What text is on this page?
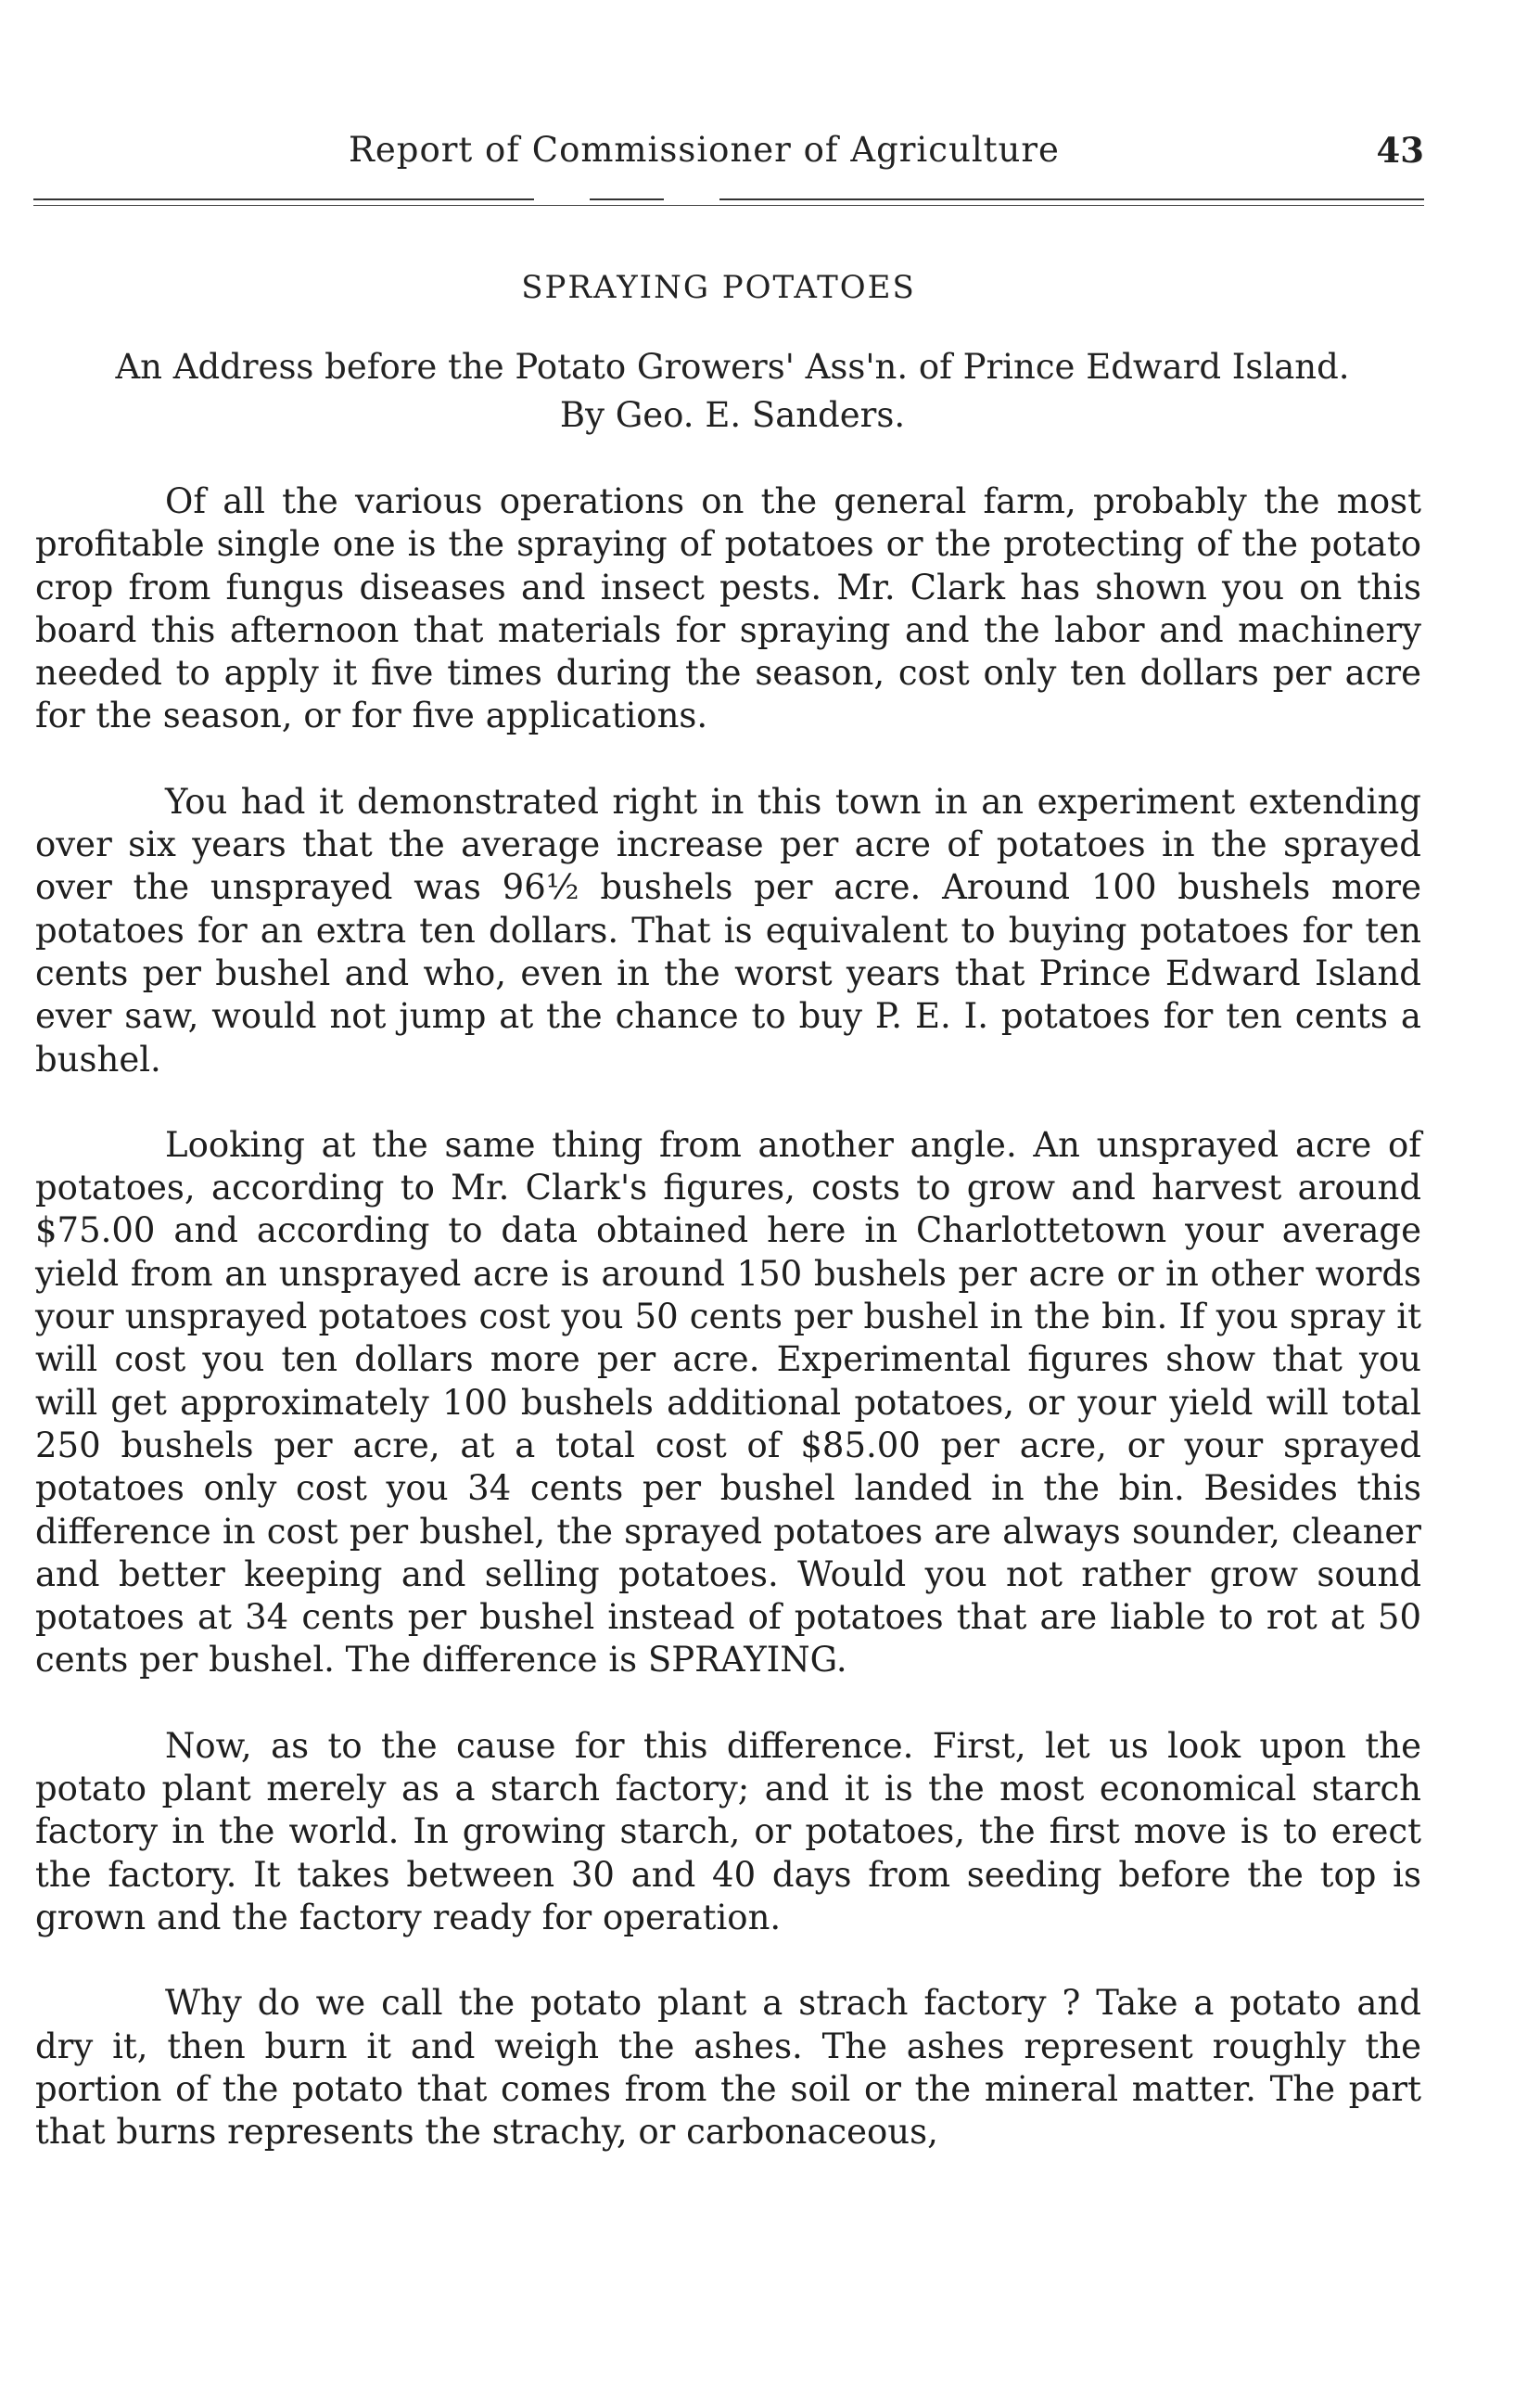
Report of Commissioner of Agriculture	43
SPRAYING POTATOES
An Address before the Potato Growers' Ass'n. of Prince Edward Island.
By Geo. E. Sanders.

Of all the various operations on the general farm, probably the most profitable single one is the spraying of potatoes or the protecting of the potato crop from fungus diseases and insect pests. Mr. Clark has shown you on this board this afternoon that materials for spraying and the labor and machinery needed to apply it five times during the season, cost only ten dollars per acre for the season, or for five applications.

You had it demonstrated right in this town in an experiment extending over six years that the average increase per acre of potatoes in the sprayed over the unsprayed was 96½ bushels per acre. Around 100 bushels more potatoes for an extra ten dollars. That is equivalent to buying potatoes for ten cents per bushel and who, even in the worst years that Prince Edward Island ever saw, would not jump at the chance to buy P. E. I. potatoes for ten cents a bushel.

Looking at the same thing from another angle. An unsprayed acre of potatoes, according to Mr. Clark's figures, costs to grow and harvest around $75.00 and according to data obtained here in Charlottetown your average yield from an unsprayed acre is around 150 bushels per acre or in other words your unsprayed potatoes cost you 50 cents per bushel in the bin. If you spray it will cost you ten dollars more per acre. Experimental figures show that you will get approximately 100 bushels additional potatoes, or your yield will total 250 bushels per acre, at a total cost of $85.00 per acre, or your sprayed potatoes only cost you 34 cents per bushel landed in the bin. Besides this difference in cost per bushel, the sprayed potatoes are always sounder, cleaner and better keeping and selling potatoes. Would you not rather grow sound potatoes at 34 cents per bushel instead of potatoes that are liable to rot at 50 cents per bushel. The difference is SPRAYING.

Now, as to the cause for this difference. First, let us look upon the potato plant merely as a starch factory; and it is the most economical starch factory in the world. In growing starch, or potatoes, the first move is to erect the factory. It takes between 30 and 40 days from seeding before the top is grown and the factory ready for operation.

Why do we call the potato plant a strach factory ? Take a potato and dry it, then burn it and weigh the ashes. The ashes represent roughly the portion of the potato that comes from the soil or the mineral matter. The part that burns represents the strachy, or carbonaceous,
